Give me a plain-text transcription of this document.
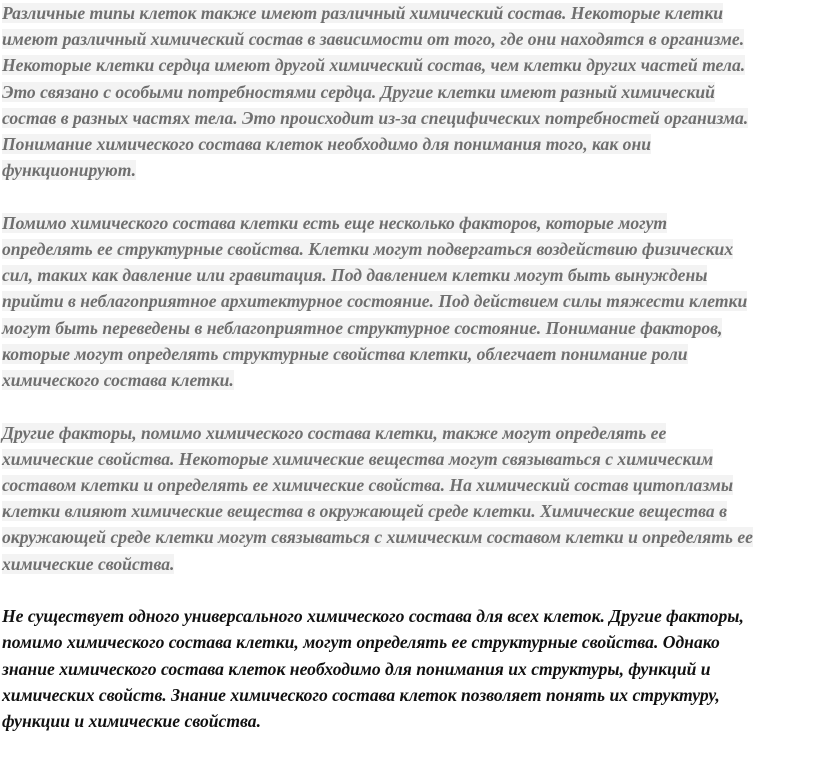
Различные типы клеток также имеют различный химический состав. Некоторые клетки
имеют различный химический состав в зависимости от того, где они находятся в организме.
Некоторые клетки сердца имеют другой химический состав, чем клетки других частей тела.
Это связано с особыми потребностями сердца. Другие клетки имеют разный химический
состав в разных частях тела. Это происходит из-за специфических потребностей организма.
Понимание химического состава клеток необходимо для понимания того, как они
функционируют.
Помимо химического состава клетки есть еще несколько факторов, которые могут
определять ее структурные свойства. Клетки могут подвергаться воздействию физических
сил, таких как давление или гравитация. Под давлением клетки могут быть вынуждены
прийти в неблагоприятное архитектурное состояние. Под действием силы тяжести клетки
могут быть переведены в неблагоприятное структурное состояние. Понимание факторов,
которые могут определять структурные свойства клетки, облегчает понимание роли
химического состава клетки.
Другие факторы, помимо химического состава клетки, также могут определять ее
химические свойства. Некоторые химические вещества могут связываться с химическим
составом клетки и определять ее химические свойства. На химический состав цитоплазмы
клетки влияют химические вещества в окружающей среде клетки. Химические вещества в
окружающей среде клетки могут связываться с химическим составом клетки и определять ее
химические свойства.
Не существует одного универсального химического состава для всех клеток. Другие факторы,
помимо химического состава клетки, могут определять ее структурные свойства. Однако
знание химического состава клеток необходимо для понимания их структуры, функций и
химических свойств. Знание химического состава клеток позволяет понять их структуру,
функции и химические свойства.
